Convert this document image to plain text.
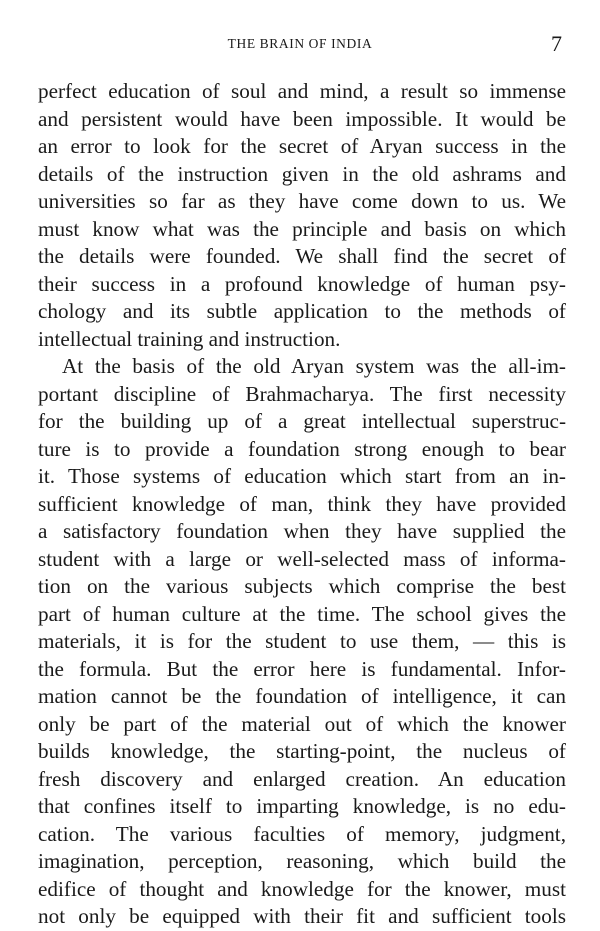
THE BRAIN OF INDIA	7
perfect education of soul and mind, a result so immense
and persistent would have been impossible. It would be
an error to look for the secret of Aryan success in the
details of the instruction given in the old ashrams and
universities so far as they have come down to us. We
must know what was the principle and basis on which
the details were founded. We shall find the secret of
their success in a profound knowledge of human psy-
chology and its subtle application to the methods of
intellectual training and instruction.
At the basis of the old Aryan system was the all-im-
portant discipline of Brahmacharya. The first necessity
for the building up of a great intellectual superstruc-
ture is to provide a foundation strong enough to bear
it. Those systems of education which start from an in-
sufficient knowledge of man, think they have provided
a satisfactory foundation when they have supplied the
student with a large or well-selected mass of informa-
tion on the various subjects which comprise the best
part of human culture at the time. The school gives the
materials, it is for the student to use them, — this is
the formula. But the error here is fundamental. Infor-
mation cannot be the foundation of intelligence, it can
only be part of the material out of which the knower
builds knowledge, the starting-point, the nucleus of
fresh discovery and enlarged creation. An education
that confines itself to imparting knowledge, is no edu-
cation. The various faculties of memory, judgment,
imagination, perception, reasoning, which build the
edifice of thought and knowledge for the knower, must
not only be equipped with their fit and sufficient tools
